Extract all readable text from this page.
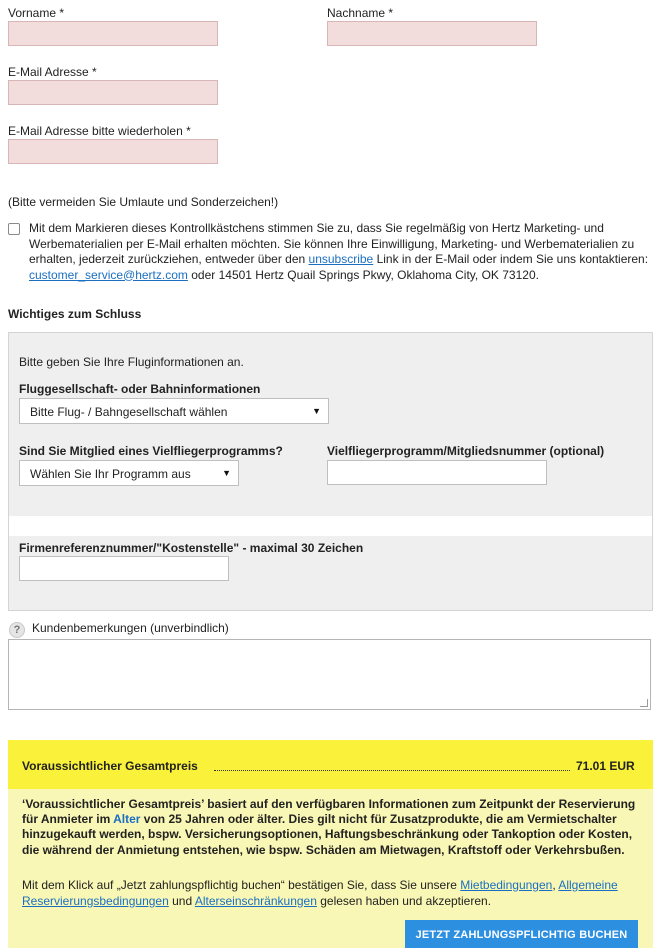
Vorname *	Nachname *
E-Mail Adresse *
E-Mail Adresse bitte wiederholen *
(Bitte vermeiden Sie Umlaute und Sonderzeichen!)
Mit dem Markieren dieses Kontrollkästchens stimmen Sie zu, dass Sie regelmäßig von Hertz Marketing- und Werbematerialien per E-Mail erhalten möchten. Sie können Ihre Einwilligung, Marketing- und Werbematerialien zu erhalten, jederzeit zurückziehen, entweder über den unsubscribe Link in der E-Mail oder indem Sie uns kontaktieren: customer_service@hertz.com oder 14501 Hertz Quail Springs Pkwy, Oklahoma City, OK 73120.
Wichtiges zum Schluss
Bitte geben Sie Ihre Fluginformationen an.
Fluggesellschaft- oder Bahninformationen
Bitte Flug- / Bahngesellschaft wählen	▼
Sind Sie Mitglied eines Vielfliegerprogramms?
Wählen Sie Ihr Programm aus	▼
Vielfliegerprogramm/Mitgliedsnummer (optional)
Firmenreferenznummer/"Kostenstelle" - maximal 30 Zeichen
? Kundenbemerkungen (unverbindlich)
Voraussichtlicher Gesamtpreis	71.01 EUR
‘Voraussichtlicher Gesamtpreis’ basiert auf den verfügbaren Informationen zum Zeitpunkt der Reservierung für Anmieter im Alter von 25 Jahren oder älter. Dies gilt nicht für Zusatzprodukte, die am Vermietschalter hinzugekauft werden, bspw. Versicherungsoptionen, Haftungsbeschränkung oder Tankoption oder Kosten, die während der Anmietung entstehen, wie bspw. Schäden am Mietwagen, Kraftstoff oder Verkehrsbußen.
Mit dem Klick auf „Jetzt zahlungspflichtig buchen“ bestätigen Sie, dass Sie unsere Mietbedingungen, Allgemeine Reservierungsbedingungen und Alterseinschränkungen gelesen haben und akzeptieren.
JETZT ZAHLUNGSPFLICHTIG BUCHEN
